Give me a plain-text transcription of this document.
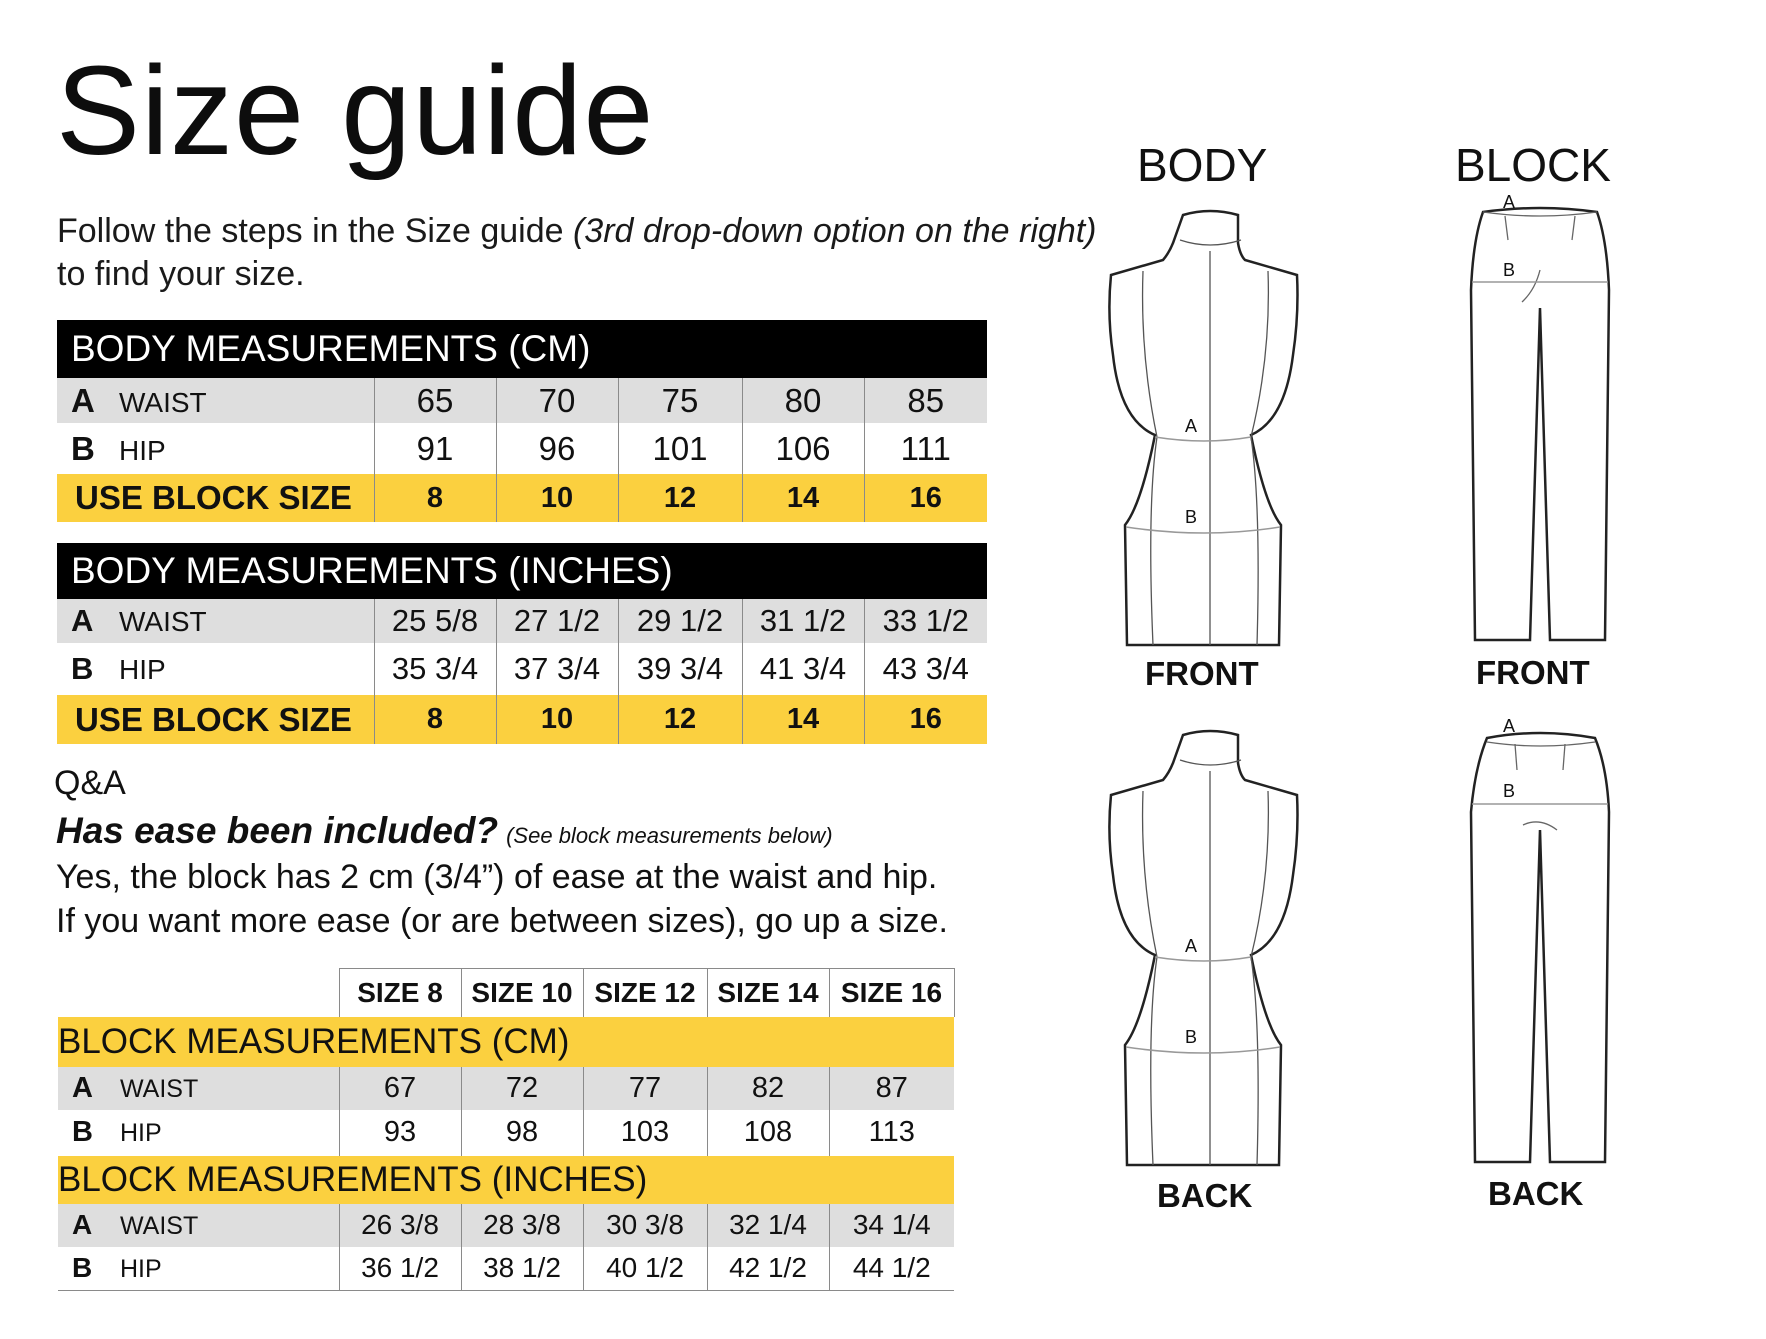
Size guide
Follow the steps in the Size guide (3rd drop-down option on the right) to find your size.
BODY MEASUREMENTS (CM)
A WAIST	65	70	75	80	85
B HIP	91	96	101	106	111
USE BLOCK SIZE	8	10	12	14	16
BODY MEASUREMENTS (INCHES)
A WAIST	25 5/8	27 1/2	29 1/2	31 1/2	33 1/2
B HIP	35 3/4	37 3/4	39 3/4	41 3/4	43 3/4
USE BLOCK SIZE	8	10	12	14	16
Q&A
Has ease been included? (See block measurements below)
Yes, the block has 2 cm (3/4”) of ease at the waist and hip.
If you want more ease (or are between sizes), go up a size.
	SIZE 8	SIZE 10	SIZE 12	SIZE 14	SIZE 16
BLOCK MEASUREMENTS (CM)					
A WAIST	67	72	77	82	87
B HIP	93	98	103	108	113
BLOCK MEASUREMENTS (INCHES)					
A WAIST	26 3/8	28 3/8	30 3/8	32 1/4	34 1/4
B HIP	36 1/2	38 1/2	40 1/2	42 1/2	44 1/2
BODY	BLOCK
A
B
FRONT
A
B
BACK
A
B
FRONT
A
B
BACK
